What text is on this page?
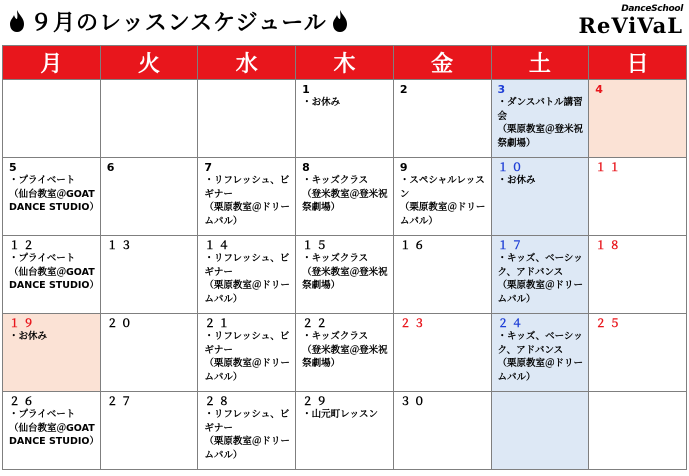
９月のレッスンスケジュール
DanceSchool
ReViVaL
月	火	水	木	金	土	日

			1
・お休み	2	3
・ダンスバトル講習会
（栗原教室＠登米祝祭劇場）	4

5
・プライベート
（仙台教室＠GOAT DANCE STUDIO）	6	7
・リフレッシュ、ビギナー
（栗原教室＠ドリームパル）	8
・キッズクラス
（登米教室＠登米祝祭劇場）	9
・スペシャルレッスン
（栗原教室＠ドリームパル）	１０
・お休み	１１

１２
・プライベート
（仙台教室＠GOAT DANCE STUDIO）	１３	１４
・リフレッシュ、ビギナー
（栗原教室＠ドリームパル）	１５
・キッズクラス
（登米教室＠登米祝祭劇場）	１６	１７
・キッズ、ベーシック、アドバンス
（栗原教室＠ドリームパル）	１８

１９
・お休み	２０	２１
・リフレッシュ、ビギナー
（栗原教室＠ドリームパル）	２２
・キッズクラス
（登米教室＠登米祝祭劇場）	２３	２４
・キッズ、ベーシック、アドバンス
（栗原教室＠ドリームパル）	２５

２６
・プライベート
（仙台教室＠GOAT DANCE STUDIO）	２７	２８
・リフレッシュ、ビギナー
（栗原教室＠ドリームパル）	２９
・山元町レッスン	３０		
